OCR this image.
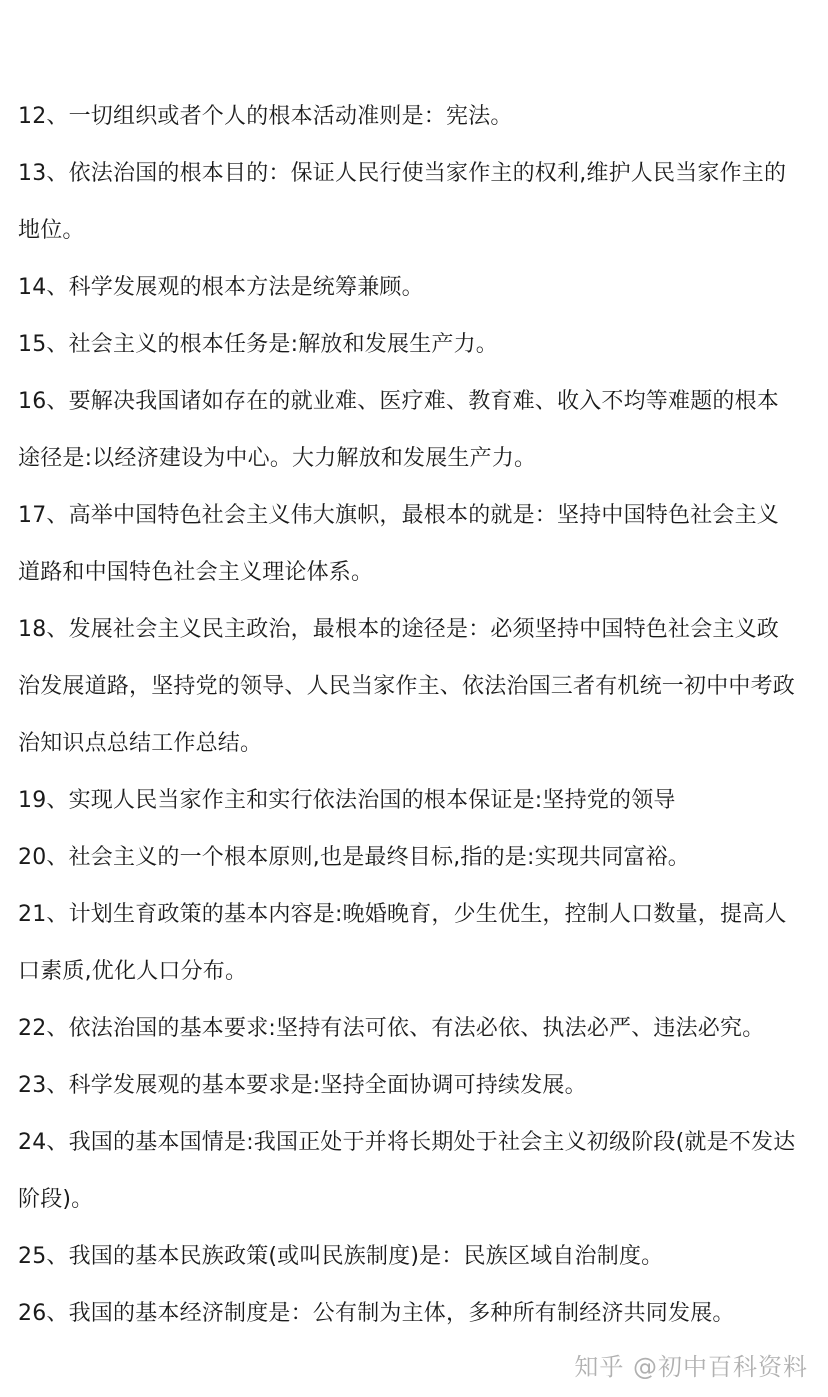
12、一切组织或者个人的根本活动准则是：宪法。
13、依法治国的根本目的：保证人民行使当家作主的权利,维护人民当家作主的
地位。
14、科学发展观的根本方法是统筹兼顾。
15、社会主义的根本任务是:解放和发展生产力。
16、要解决我国诸如存在的就业难、医疗难、教育难、收入不均等难题的根本
途径是:以经济建设为中心。大力解放和发展生产力。
17、高举中国特色社会主义伟大旗帜，最根本的就是：坚持中国特色社会主义
道路和中国特色社会主义理论体系。
18、发展社会主义民主政治，最根本的途径是：必须坚持中国特色社会主义政
治发展道路，坚持党的领导、人民当家作主、依法治国三者有机统一初中中考政
治知识点总结工作总结。
19、实现人民当家作主和实行依法治国的根本保证是:坚持党的领导
20、社会主义的一个根本原则,也是最终目标,指的是:实现共同富裕。
21、计划生育政策的基本内容是:晚婚晚育，少生优生，控制人口数量，提高人
口素质,优化人口分布。
22、依法治国的基本要求:坚持有法可依、有法必依、执法必严、违法必究。
23、科学发展观的基本要求是:坚持全面协调可持续发展。
24、我国的基本国情是:我国正处于并将长期处于社会主义初级阶段(就是不发达
阶段)。
25、我国的基本民族政策(或叫民族制度)是：民族区域自治制度。
26、我国的基本经济制度是：公有制为主体，多种所有制经济共同发展。
知乎 @初中百科资料
